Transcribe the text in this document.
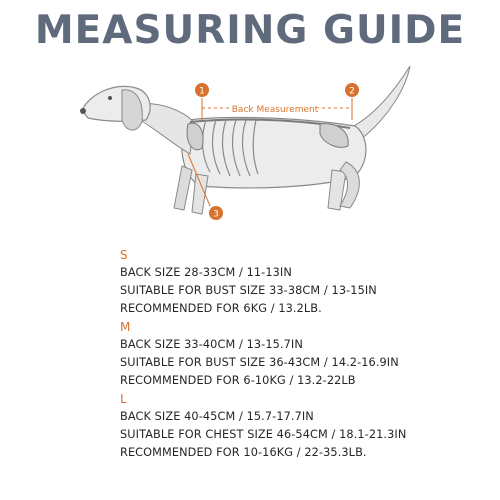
MEASURING GUIDE
Back Measurement
1	2
3
S
BACK SIZE 28-33CM / 11-13IN
SUITABLE FOR BUST SIZE 33-38CM / 13-15IN
RECOMMENDED FOR 6KG / 13.2LB.
M
BACK SIZE 33-40CM / 13-15.7IN
SUITABLE FOR BUST SIZE 36-43CM / 14.2-16.9IN
RECOMMENDED FOR 6-10KG / 13.2-22LB
L
BACK SIZE 40-45CM / 15.7-17.7IN
SUITABLE FOR CHEST SIZE 46-54CM / 18.1-21.3IN
RECOMMENDED FOR 10-16KG / 22-35.3LB.
